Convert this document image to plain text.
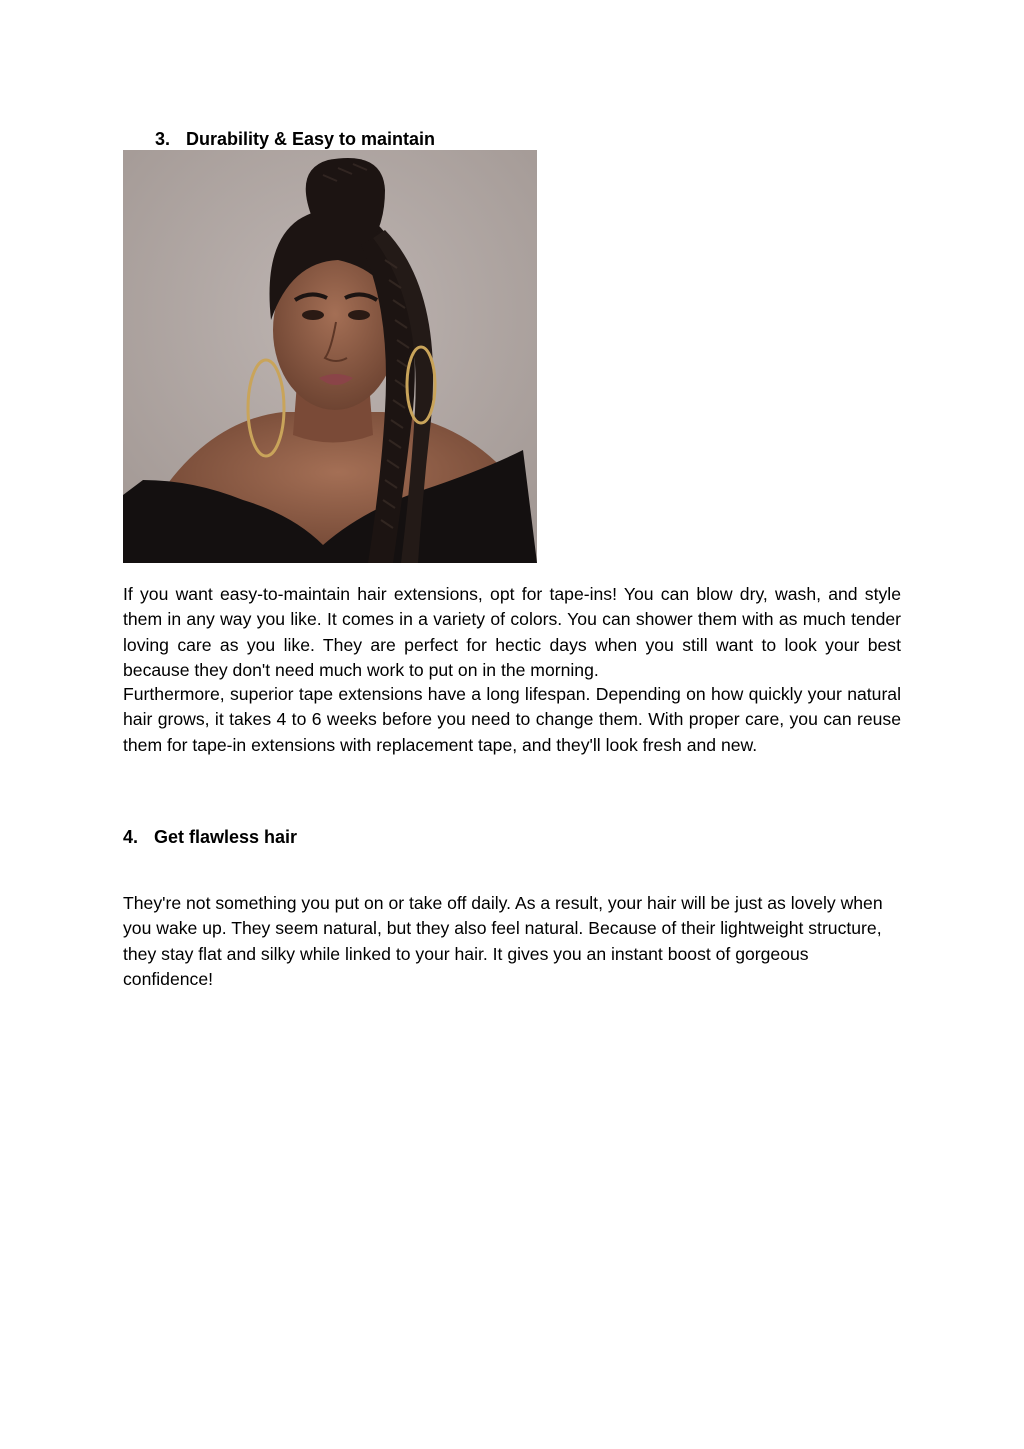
3. Durability & Easy to maintain

If you want easy-to-maintain hair extensions, opt for tape-ins! You can blow dry, wash, and style them in any way you like. It comes in a variety of colors. You can shower them with as much tender loving care as you like. They are perfect for hectic days when you still want to look your best because they don't need much work to put on in the morning.

Furthermore, superior tape extensions have a long lifespan. Depending on how quickly your natural hair grows, it takes 4 to 6 weeks before you need to change them. With proper care, you can reuse them for tape-in extensions with replacement tape, and they'll look fresh and new.

4. Get flawless hair

They're not something you put on or take off daily. As a result, your hair will be just as lovely when you wake up. They seem natural, but they also feel natural. Because of their lightweight structure, they stay flat and silky while linked to your hair. It gives you an instant boost of gorgeous confidence!
